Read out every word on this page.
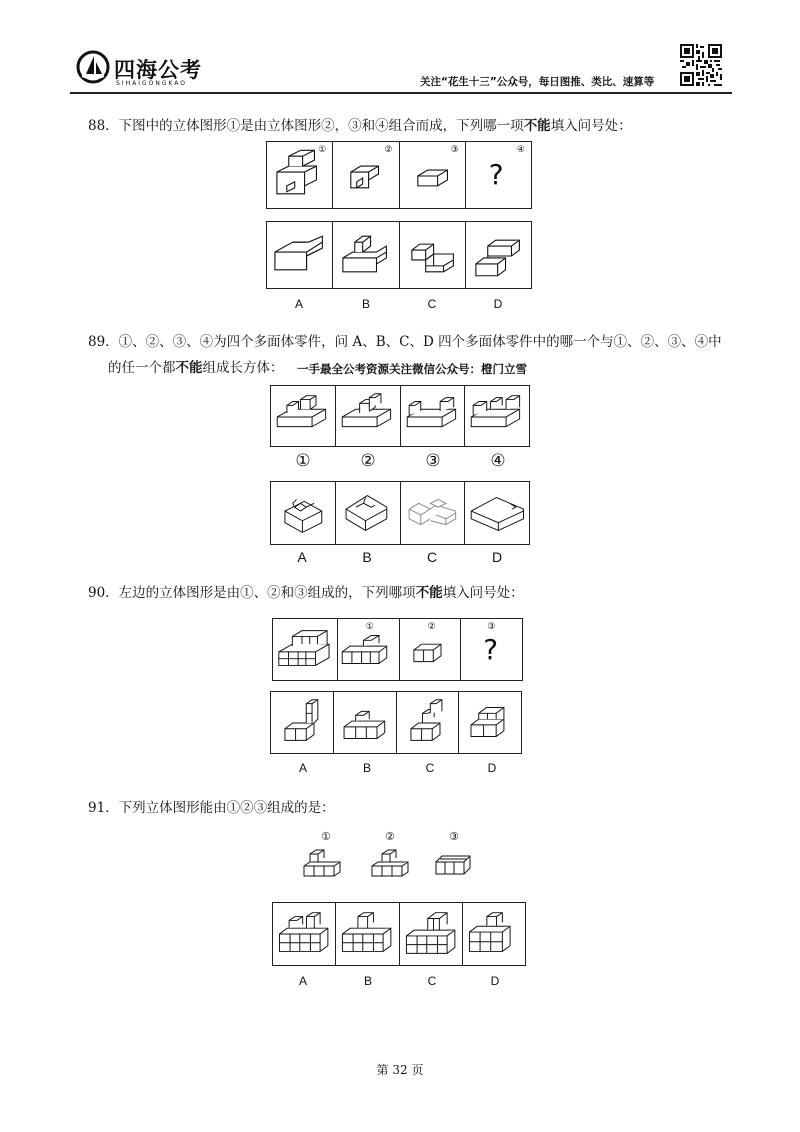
四海公考
SIHAIGONGKAO	关注“花生十三”公众号，每日图推、类比、速算等
88．下图中的立体图形①是由立体图形②，③和④组合而成，下列哪一项不能填入问号处：
①	②	③	④
?
A	B	C	D
89．①、②、③、④为四个多面体零件，问 A、B、C、D 四个多面体零件中的哪一个与①、②、③、④中
的任一个都不能组成长方体： 一手最全公考资源关注微信公众号：橙门立雪
①	②	③	④
A	B	C	D
90．左边的立体图形是由①、②和③组成的，下列哪项不能填入问号处：
①	②	③
?
A	B	C	D
91．下列立体图形能由①②③组成的是：
①	②	③
A	B	C	D
第 32 页
